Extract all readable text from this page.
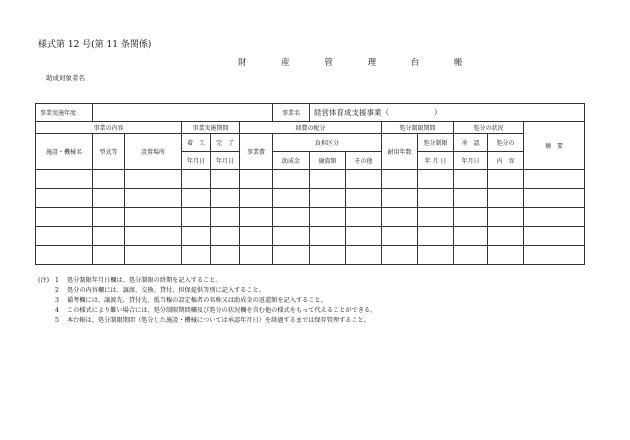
様式第 12 号(第 11 条関係)
財 産 管 理 台 帳
助成対象者名
事業実施年度						事業名	経営体育成支援事業（　　　　　　）						
事業の内容			事業実施期間		経費の配分				処分制限期間		処分の状況		摘　要
施設・機械名	型式等	設置場所	着　工	完　了	事業費	負担区分			耐用年数	処分制限	承　認	処分の	
			年月日	年月日		助成金	融資額	その他		年 月 日	年月日	内　容	

(注) 1 処分制限年月日欄は、処分制限の終期を記入すること。
2 処分の内容欄には、譲渡、交換、貸付、担保提供等別に記入すること。
3 備考欄には、譲渡先、貸付先、抵当権の設定権者の名称又は助成金の返還額を記入すること。
4 この様式により難い場合には、処分制限期間欄及び処分の状況欄を含む他の様式をもって代えることができる。
5 本台帳は、処分制限期間（処分した施設・機械については承認年月日）を経過するまでは保存管理すること。
